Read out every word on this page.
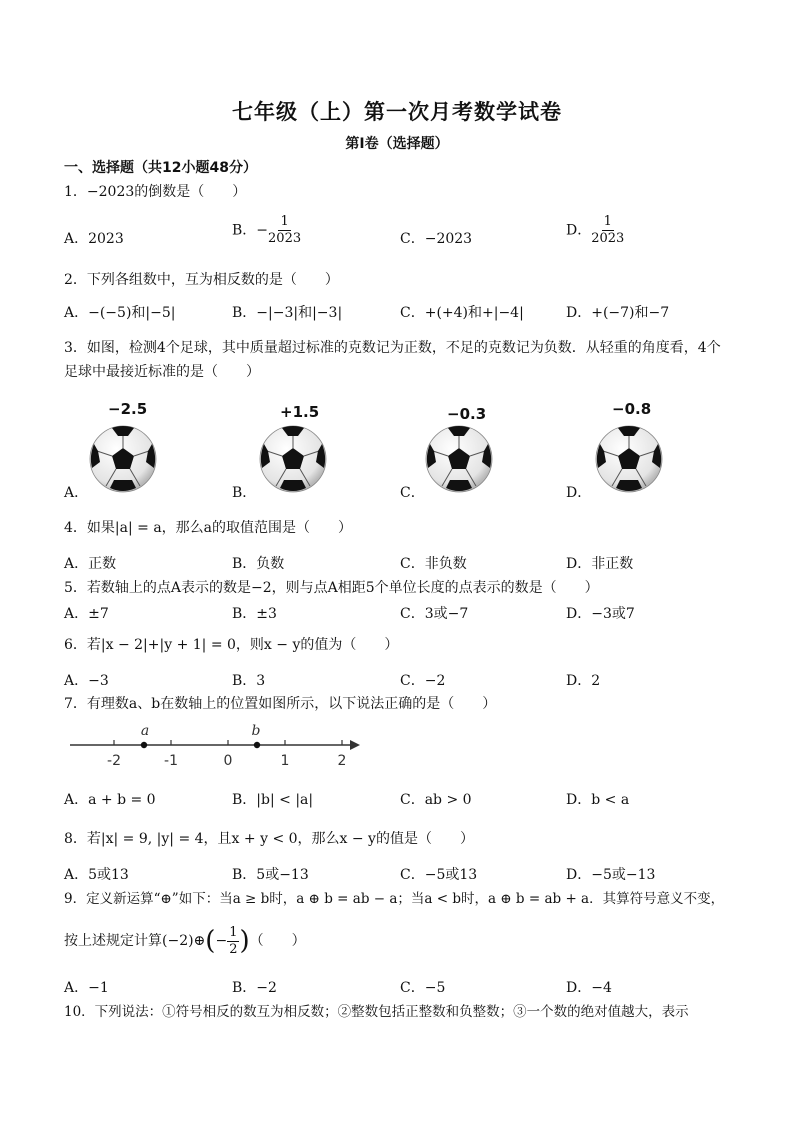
七年级（上）第一次月考数学试卷
第Ⅰ卷（选择题）
一、选择题（共12小题48分）
1．−2023的倒数是（　　）
A．2023
B．− $\frac{1}{2023}$	C．−2023
D． $\frac{1}{2023}$
2．下列各组数中，互为相反数的是（　　）
A．−(−5)和|−5|	B．−|−3|和|−3|	C．+(+4)和+|−4|	D．+(−7)和−7
3．如图，检测4个足球，其中质量超过标准的克数记为正数，不足的克数记为负数．从轻重的角度看，4个足球中最接近标准的是（　　）
−2.5	+1.5	−0.3	−0.8
A．	B．	C．	D．
4．如果|a| = a，那么a的取值范围是（　　）
A．正数	B．负数	C．非负数	D．非正数
5．若数轴上的点A表示的数是−2，则与点A相距5个单位长度的点表示的数是（　　）
A．±7	B．±3	C．3或−7	D．−3或7
6．若|x − 2|+|y + 1| = 0，则x − y的值为（　　）
A．−3	B．3	C．−2	D．2
7．有理数a、b在数轴上的位置如图所示，以下说法正确的是（　　）
-2	-1	0	1	2
a	b
A．a + b = 0	B．|b| < |a|	C．ab > 0	D．b < a
8．若|x| = 9, |y| = 4，且x + y < 0，那么x − y的值是（　　）
A．5或13	B．5或−13	C．−5或13	D．−5或−13
9．定义新运算“⊕”如下：当a ≥ b时，a ⊕ b = ab − a；当a < b时，a ⊕ b = ab + a．其算符号意义不变，
按上述规定计算(−2)⊕(− $\frac{1}{2}$ )（　　）
A．−1	B．−2	C．−5	D．−4
10．下列说法：①符号相反的数互为相反数；②整数包括正整数和负整数；③一个数的绝对值越大，表示
